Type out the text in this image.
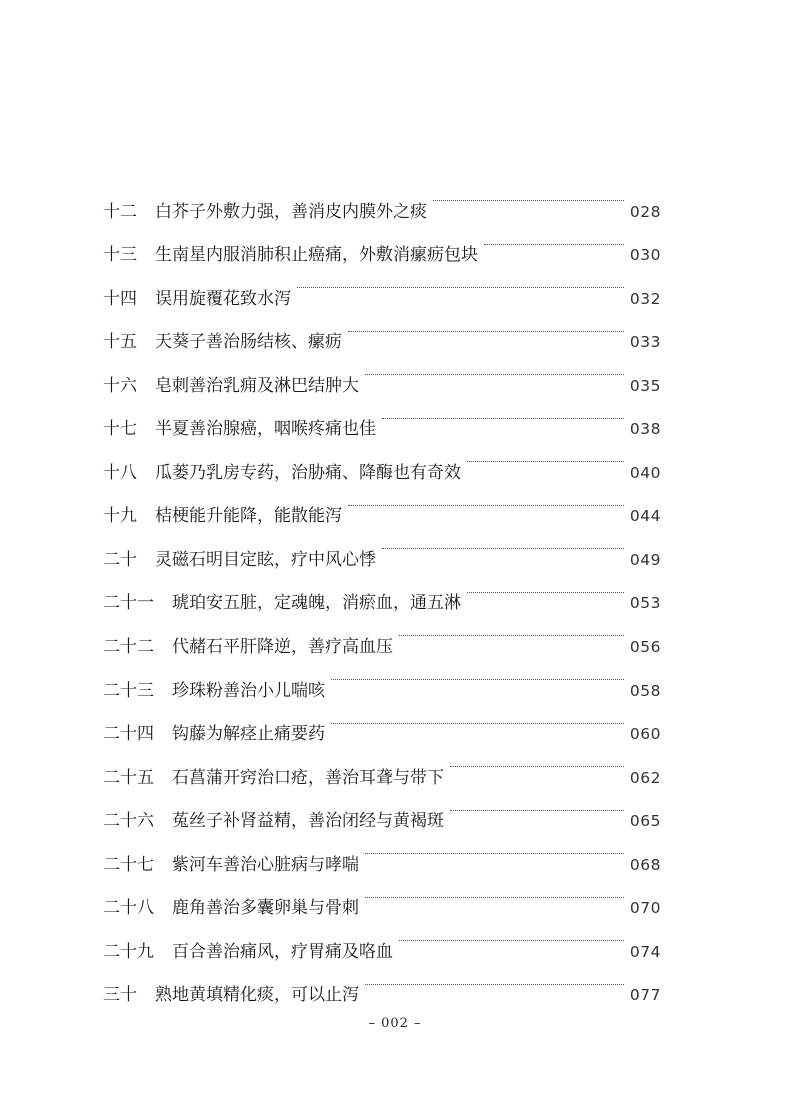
十二 白芥子外敷力强，善消皮内膜外之痰	028
十三 生南星内服消肺积止癌痛，外敷消瘰疬包块	030
十四 误用旋覆花致水泻	032
十五 天葵子善治肠结核、瘰疬	033
十六 皂刺善治乳痈及淋巴结肿大	035
十七 半夏善治腺癌，咽喉疼痛也佳	038
十八 瓜蒌乃乳房专药，治胁痛、降酶也有奇效	040
十九 桔梗能升能降，能散能泻	044
二十 灵磁石明目定眩，疗中风心悸	049
二十一 琥珀安五脏，定魂魄，消瘀血，通五淋	053
二十二 代赭石平肝降逆，善疗高血压	056
二十三 珍珠粉善治小儿喘咳	058
二十四 钩藤为解痉止痛要药	060
二十五 石菖蒲开窍治口疮，善治耳聋与带下	062
二十六 菟丝子补肾益精，善治闭经与黄褐斑	065
二十七 紫河车善治心脏病与哮喘	068
二十八 鹿角善治多囊卵巢与骨刺	070
二十九 百合善治痛风，疗胃痛及咯血	074
三十 熟地黄填精化痰，可以止泻	077
– 002 –
